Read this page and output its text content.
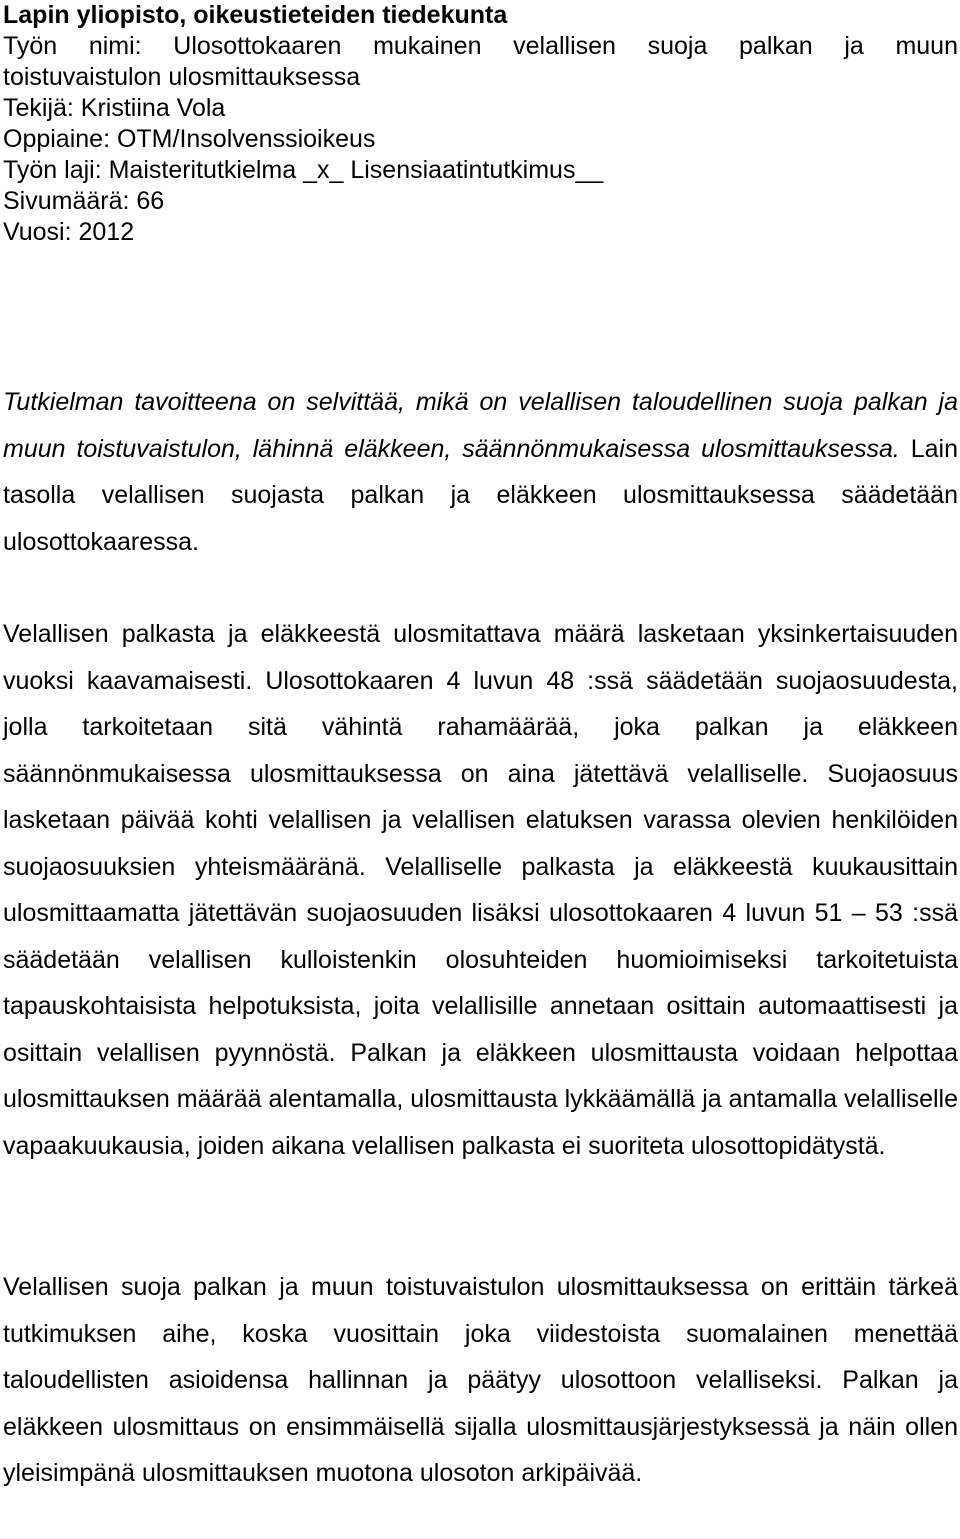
Lapin yliopisto, oikeustieteiden tiedekunta
Työn nimi: Ulosottokaaren mukainen velallisen suoja palkan ja muun
toistuvaistulon ulosmittauksessa
Tekijä: Kristiina Vola
Oppiaine: OTM/Insolvenssioikeus
Työn laji: Maisteritutkielma _x_ Lisensiaatintutkimus__
Sivumäärä: 66
Vuosi: 2012

Tutkielman tavoitteena on selvittää, mikä on velallisen taloudellinen suoja palkan ja muun toistuvaistulon, lähinnä eläkkeen, säännönmukaisessa ulosmittauksessa. Lain tasolla velallisen suojasta palkan ja eläkkeen ulosmittauksessa säädetään ulosottokaaressa.

Velallisen palkasta ja eläkkeestä ulosmitattava määrä lasketaan yksinkertaisuuden vuoksi kaavamaisesti. Ulosottokaaren 4 luvun 48 :ssä säädetään suojaosuudesta, jolla tarkoitetaan sitä vähintä rahamäärää, joka palkan ja eläkkeen säännönmukaisessa ulosmittauksessa on aina jätettävä velalliselle. Suojaosuus lasketaan päivää kohti velallisen ja velallisen elatuksen varassa olevien henkilöiden suojaosuuksien yhteismääränä. Velalliselle palkasta ja eläkkeestä kuukausittain ulosmittaamatta jätettävän suojaosuuden lisäksi ulosottokaaren 4 luvun 51 – 53 :ssä säädetään velallisen kulloistenkin olosuhteiden huomioimiseksi tarkoitetuista tapauskohtaisista helpotuksista, joita velallisille annetaan osittain automaattisesti ja osittain velallisen pyynnöstä. Palkan ja eläkkeen ulosmittausta voidaan helpottaa ulosmittauksen määrää alentamalla, ulosmittausta lykkäämällä ja antamalla velalliselle vapaakuukausia, joiden aikana velallisen palkasta ei suoriteta ulosottopidätystä.

Velallisen suoja palkan ja muun toistuvaistulon ulosmittauksessa on erittäin tärkeä tutkimuksen aihe, koska vuosittain joka viidestoista suomalainen menettää taloudellisten asioidensa hallinnan ja päätyy ulosottoon velalliseksi. Palkan ja eläkkeen ulosmittaus on ensimmäisellä sijalla ulosmittausjärjestyksessä ja näin ollen yleisimpänä ulosmittauksen muotona ulosoton arkipäivää.
